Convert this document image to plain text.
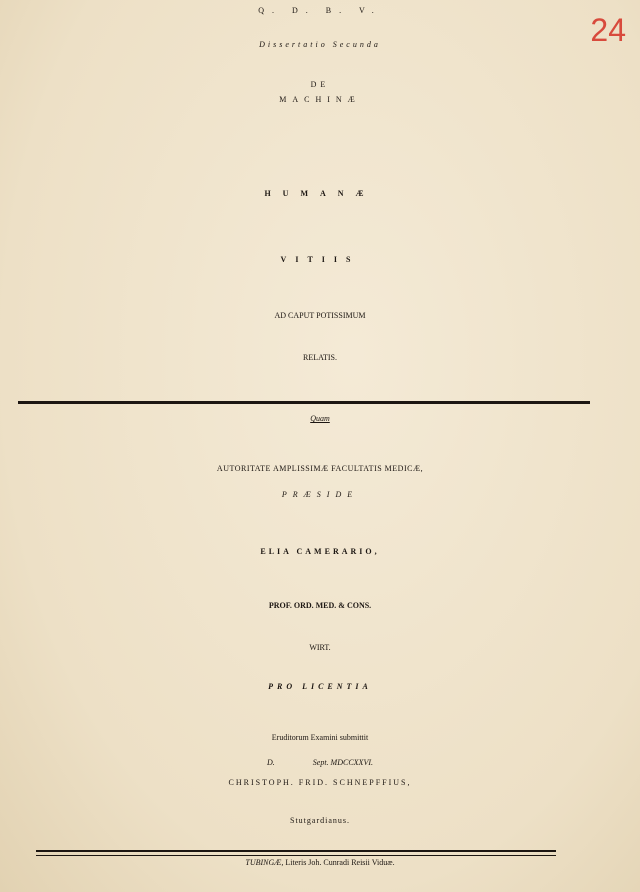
24
Q. D. B. V.
Dissertatio Secunda
DE
MACHINÆ
HUMANÆ
VITIIS
AD CAPUT POTISSIMUM
RELATIS.
Quam
AUTORITATE AMPLISSIMÆ FACULTATIS MEDICÆ,
PRÆSIDE
ELIA CAMERARIO,
PROF. ORD. MED. & CONS.
WIRT.
PRO LICENTIA
Eruditorum Examini submittit
D.	Sept. MDCCXXVI.
CHRISTOPH. FRID. SCHNEPFFIUS,
Stutgardianus.
TUBINGÆ, Literis Joh. Cunradi Reisii Viduæ.
